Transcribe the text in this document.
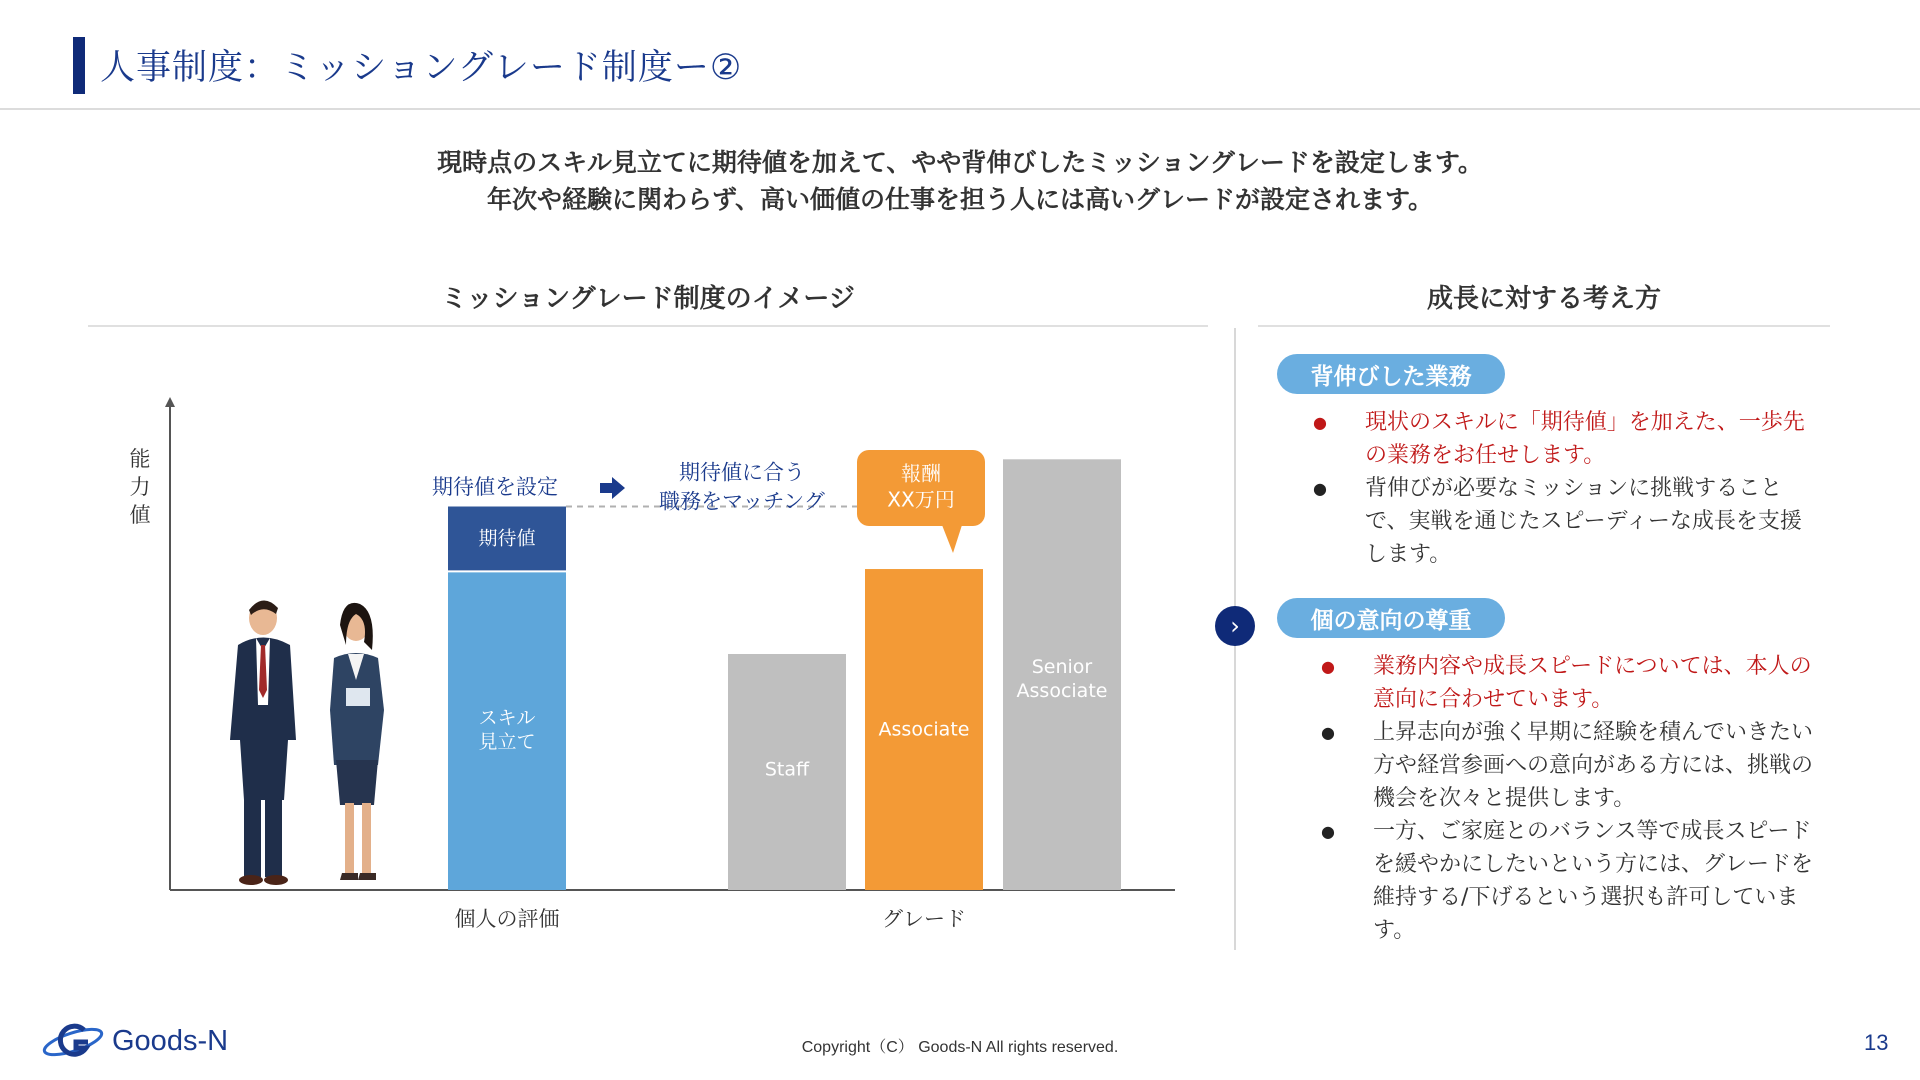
人事制度：ミッショングレード制度ー②
現時点のスキル見立てに期待値を加えて、やや背伸びしたミッショングレードを設定します。
年次や経験に関わらず、高い価値の仕事を担う人には高いグレードが設定されます。
ミッショングレード制度のイメージ	成長に対する考え方
能
力
値
スキル
見立て
期待値
Staff
Associate
Senior
Associate
個人の評価	グレード
期待値を設定
期待値に合う
職務をマッチング
報酬
XX万円
›
背伸びした業務
● 現状のスキルに「期待値」を加えた、一歩先の業務をお任せします。
● 背伸びが必要なミッションに挑戦することで、実戦を通じたスピーディーな成長を支援します。
個の意向の尊重
● 業務内容や成長スピードについては、本人の意向に合わせています。
● 上昇志向が強く早期に経験を積んでいきたい方や経営参画への意向がある方には、挑戦の機会を次々と提供します。
● 一方、ご家庭とのバランス等で成長スピードを緩やかにしたいという方には、グレードを維持する/下げるという選択も許可しています。
Goods-N	Copyright（C） Goods-N All rights reserved.	13
